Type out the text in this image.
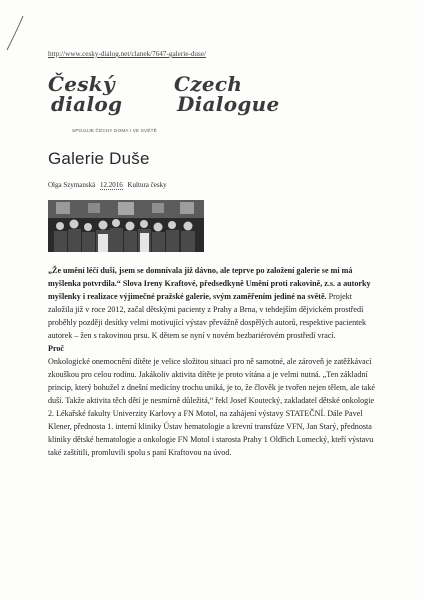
http://www.cesky-dialog.net/clanek/7647-galerie-duse/
Český
dialog
Czech
Dialogue
SPOJUJE ČECHY DOMA I VE SVĚTĚ
Galerie Duše
Olga Szymanská 12.2016 Kultura česky

„Že umění léčí duši, jsem se domnívala již dávno, ale teprve po založení galerie se mi má myšlenka potvrdila.“ Slova Ireny Kraftové, předsedkyně Umění proti rakovině, z.s. a autorky myšlenky i realizace výjimečné pražské galerie, svým zaměřením jediné na světě. Projekt založila již v roce 2012, začal dětskými pacienty z Prahy a Brna, v tehdejším dějvickém prostředí proběhly později desítky velmi motivující výstav převážně dospělých autorů, respektive pacientek autorek – žen s rakovinou prsu. K dětem se nyní v novém bezbariérovém prostředí vrací.

Proč

Onkologické onemocnění dítěte je velice složitou situací pro ně samotné, ale zároveň je zatěžkávací zkouškou pro celou rodinu. Jakákoliv aktivita dítěte je proto vítána a je velmi nutná. „Ten základní princip, který bohužel z dnešní medicíny trochu uniká, je to, že člověk je tvořen nejen tělem, ale také duší. Takže aktivita těch dětí je nesmírně důležitá,“ řekl Josef Koutecký, zakladatel dětské onkologie 2. Lékařské fakulty Univerzity Karlovy a FN Motol, na zahájení výstavy STATEČNÍ. Dále Pavel Klener, přednosta 1. interní kliniky Ústav hematologie a krevní transfúze VFN, Jan Starý, přednosta kliniky dětské hematologie a onkologie FN Motol i starosta Prahy 1 Oldřich Lomecký, kteří výstavu také zaštítili, promluvili spolu s paní Kraftovou na úvod.
